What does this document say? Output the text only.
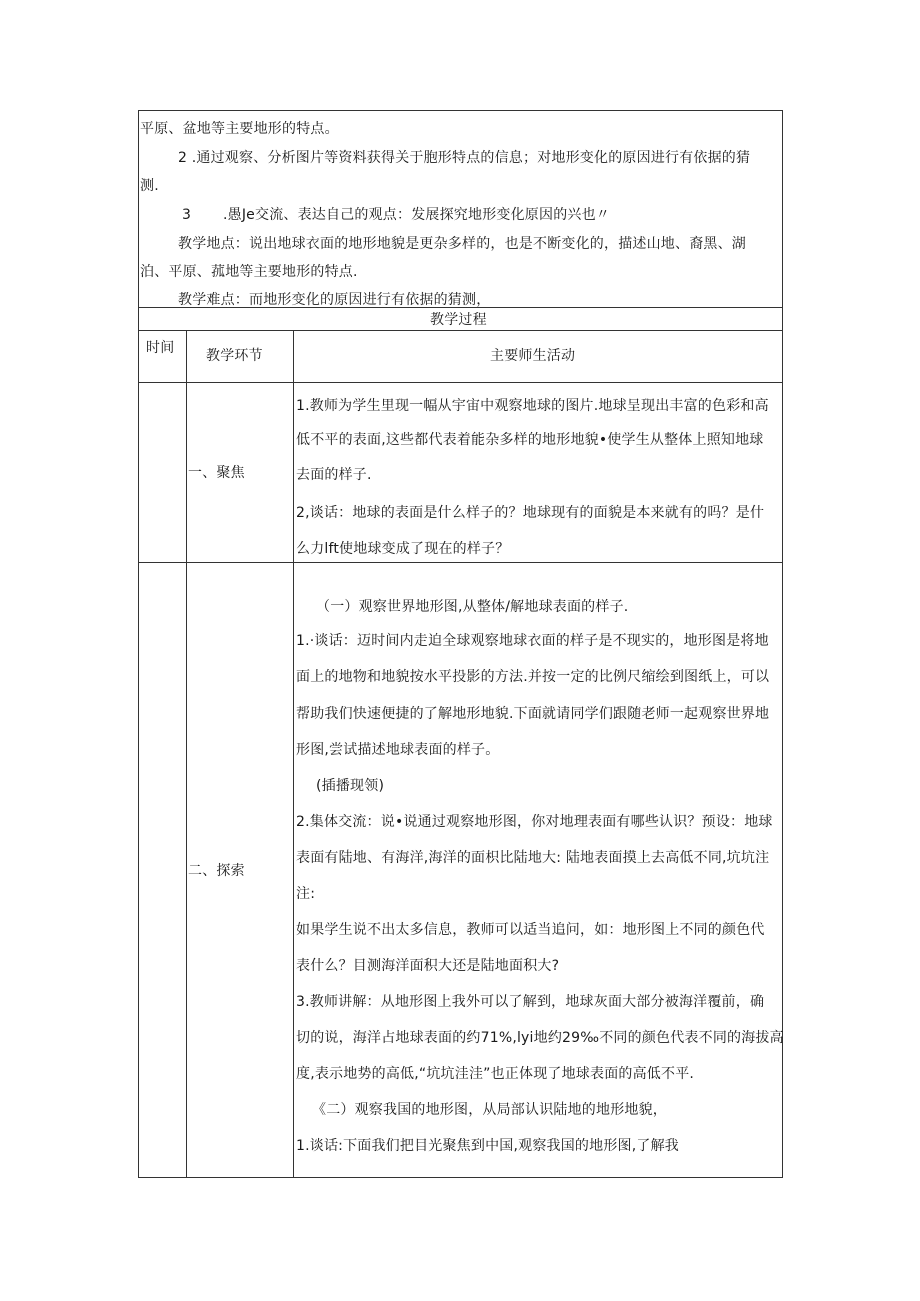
平原、盆地等主要地形的特点。
2 .通过观察、分析图片等资料获得关于胞形特点的信息；对地形变化的原因进行有依据的猜
测.
3 .愚Je交流、表达自己的观点：发展探究地形变化原因的兴也〃
教学地点：说出地球衣面的地形地貌是更杂多样的，也是不断变化的，描述山地、裔黑、湖
泊、平原、菰地等主要地形的特点.
教学难点：而地形变化的原因进行有依据的猜测，
教学过程
时间 教学环节	主要师生活动
一、聚焦
1.教师为学生里现一幅从宇宙中观察地球的图片.地球呈现出丰富的色彩和高
低不平的表面,这些都代表着能杂多样的地形地貌•使学生从整体上照知地球
去面的样子.
2,谈话：地球的表面是什么样子的？地球现有的面貌是本来就有的吗？是什
么力lft使地球变成了现在的样子？
二、探索
（一）观察世界地形图,从整体/解地球表面的样子.
1.·谈话：迈时间内走迫全球观察地球衣面的样子是不现实的，地形图是将地
面上的地物和地貌按水平投影的方法.并按一定的比例尺缩绘到图纸上，可以
帮助我们快速便捷的了解地形地貌.下面就请同学们跟随老师一起观察世界地
形图,尝试描述地球表面的样子。
(插播现领)
2.集体交流：说•说通过观察地形图，你对地理表面有哪些认识？预设：地球
表面有陆地、有海洋,海洋的面枳比陆地大: 陆地表面摸上去高低不同,坑坑注
注:
如果学生说不出太多信息，教师可以适当追问，如：地形图上不同的颜色代
表什么？目测海洋面积大还是陆地面积大?
3.教师讲解：从地形图上我外可以了解到，地球灰面大部分被海洋覆前，确
切的说，海洋占地球表面的约71%,lyi地约29‰不同的颜色代表不同的海拔高
度,表示地势的高低,“坑坑洼洼”也正体现了地球表面的高低不平.
《二）观察我国的地形图，从局部认识陆地的地形地貌，
1.谈话:下面我们把目光聚焦到中国,观察我国的地形图,了解我
